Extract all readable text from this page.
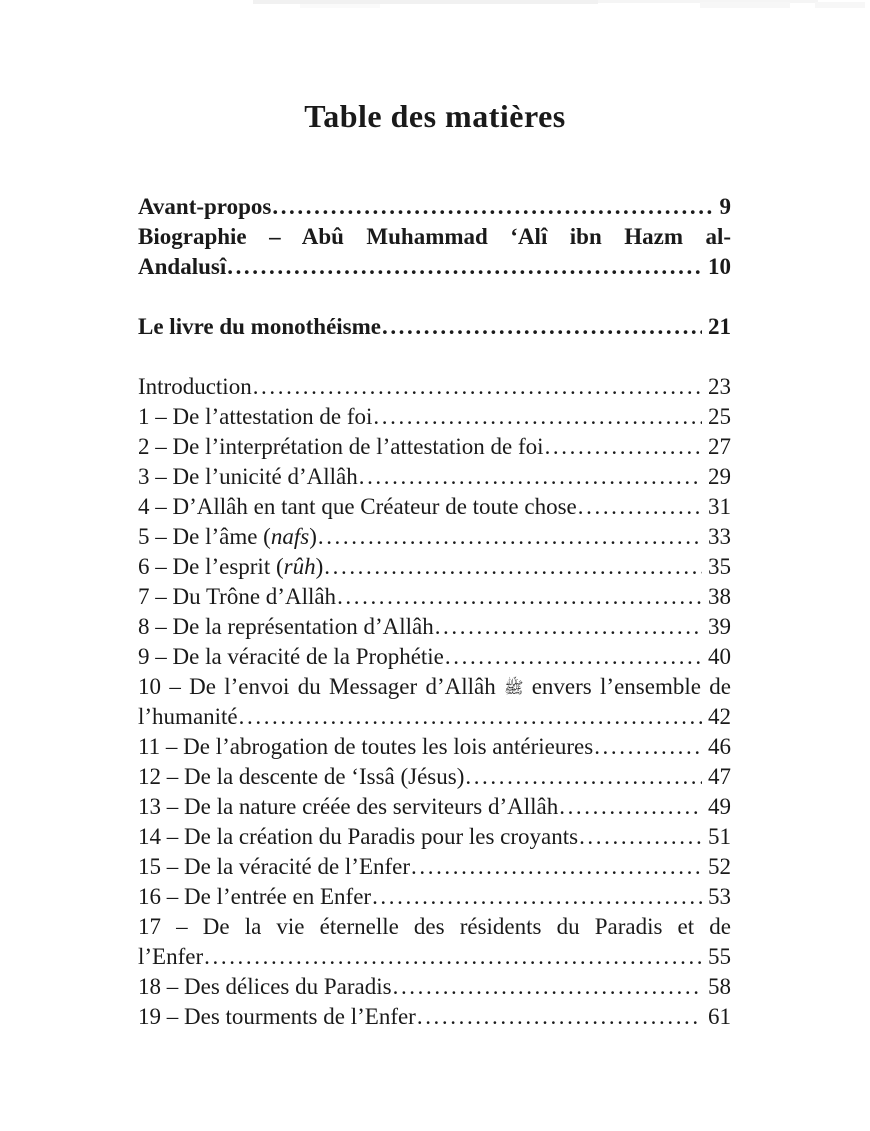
Table des matières
Avant-propos .....	9
Biographie – Abû Muhammad ‘Alî ibn Hazm al-
Andalusî .....	10
Le livre du monothéisme .....	21
Introduction .....	23
1 – De l’attestation de foi .....	25
2 – De l’interprétation de l’attestation de foi .....	27
3 – De l’unicité d’Allâh .....	29
4 – D’Allâh en tant que Créateur de toute chose .....	31
5 – De l’âme (nafs) .....	33
6 – De l’esprit (rûh) .....	35
7 – Du Trône d’Allâh .....	38
8 – De la représentation d’Allâh .....	39
9 – De la véracité de la Prophétie .....	40
10 – De l’envoi du Messager d’Allâh ﷺ envers l’ensemble de
l’humanité .....	42
11 – De l’abrogation de toutes les lois antérieures .....	46
12 – De la descente de ‘Issâ (Jésus) .....	47
13 – De la nature créée des serviteurs d’Allâh .....	49
14 – De la création du Paradis pour les croyants .....	51
15 – De la véracité de l’Enfer .....	52
16 – De l’entrée en Enfer .....	53
17 – De la vie éternelle des résidents du Paradis et de
l’Enfer .....	55
18 – Des délices du Paradis .....	58
19 – Des tourments de l’Enfer .....	61
